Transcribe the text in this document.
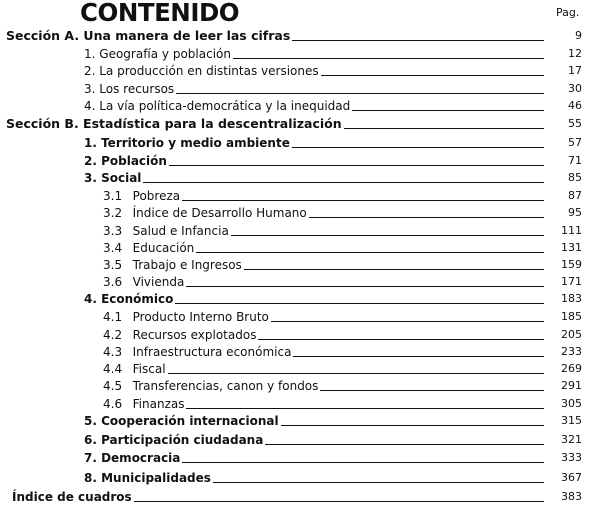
CONTENIDO	Pag.
Sección A. Una manera de leer las cifras	9
1. Geografía y población	12
2. La producción en distintas versiones	17
3. Los recursos	30
4. La vía política-democrática y la inequidad	46
Sección B. Estadística para la descentralización	55
1. Territorio y medio ambiente	57
2. Población	71
3. Social	85
3.1 Pobreza	87
3.2 Índice de Desarrollo Humano	95
3.3 Salud e Infancia	111
3.4 Educación	131
3.5 Trabajo e Ingresos	159
3.6 Vivienda	171
4. Económico	183
4.1 Producto Interno Bruto	185
4.2 Recursos explotados	205
4.3 Infraestructura económica	233
4.4 Fiscal	269
4.5 Transferencias, canon y fondos	291
4.6 Finanzas	305
5. Cooperación internacional	315
6. Participación ciudadana	321
7. Democracia	333
8. Municipalidades	367
Índice de cuadros	383
